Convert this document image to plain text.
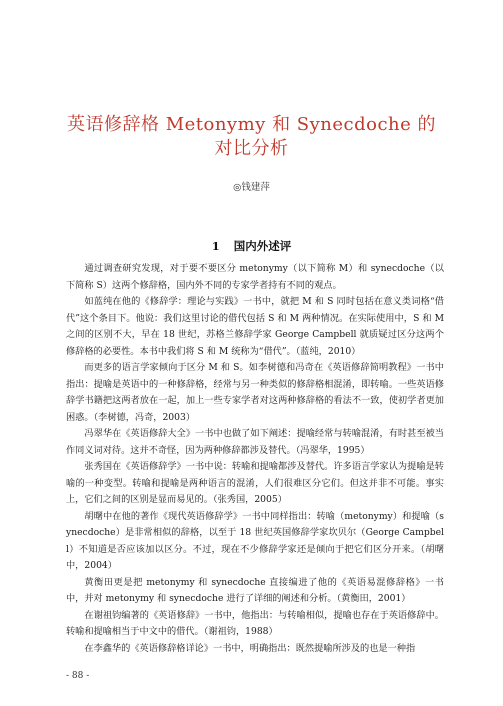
英语修辞格 Metonymy 和 Synecdoche 的
对比分析
◎钱建萍
1 国内外述评

通过调查研究发现，对于要不要区分 metonymy（以下简称 M）和 synecdoche（以下简称 S）这两个修辞格，国内外不同的专家学者持有不同的观点。

如蓝纯在他的《修辞学：理论与实践》一书中，就把 M 和 S 同时包括在意义类词格“借代”这个条目下。他说：我们这里讨论的借代包括 S 和 M 两种情况。在实际使用中，S 和 M 之间的区别不大，早在 18 世纪，苏格兰修辞学家 George Campbell 就质疑过区分这两个修辞格的必要性。本书中我们将 S 和 M 统称为“借代”。（蓝纯，2010）

而更多的语言学家倾向于区分 M 和 S。如李树德和冯奇在《英语修辞简明教程》一书中指出：提喻是英语中的一种修辞格，经常与另一种类似的修辞格相混淆，即转喻。一些英语修辞学书籍把这两者放在一起，加上一些专家学者对这两种修辞格的看法不一致，使初学者更加困惑。（李树德，冯奇，2003）

冯翠华在《英语修辞大全》一书中也做了如下阐述：提喻经常与转喻混淆，有时甚至被当作同义词对待。这并不奇怪，因为两种修辞都涉及替代。（冯翠华，1995）

张秀国在《英语修辞学》一书中说：转喻和提喻都涉及替代。许多语言学家认为提喻是转喻的一种变型。转喻和提喻是两种语言的混淆，人们很难区分它们。但这并非不可能。事实上，它们之间的区别是显而易见的。（张秀国，2005）

胡曙中在他的著作《现代英语修辞学》一书中同样指出：转喻（metonymy）和提喻（synecdoche）是非常相似的辞格，以至于 18 世纪英国修辞学家坎贝尔（George Campbell）不知道是否应该加以区分。不过，现在不少修辞学家还是倾向于把它们区分开来。（胡曙中，2004）

黄衡田更是把 metonymy 和 synecdoche 直接编进了他的《英语易混修辞格》一书中，并对 metonymy 和 synecdoche 进行了详细的阐述和分析。（黄衡田，2001）

在谢祖钧编著的《英语修辞》一书中，他指出：与转喻相似，提喻也存在于英语修辞中。转喻和提喻相当于中文中的借代。（谢祖钧，1988）

在李鑫华的《英语修辞格详论》一书中，明确指出：既然提喻所涉及的也是一种指

- 88 -
